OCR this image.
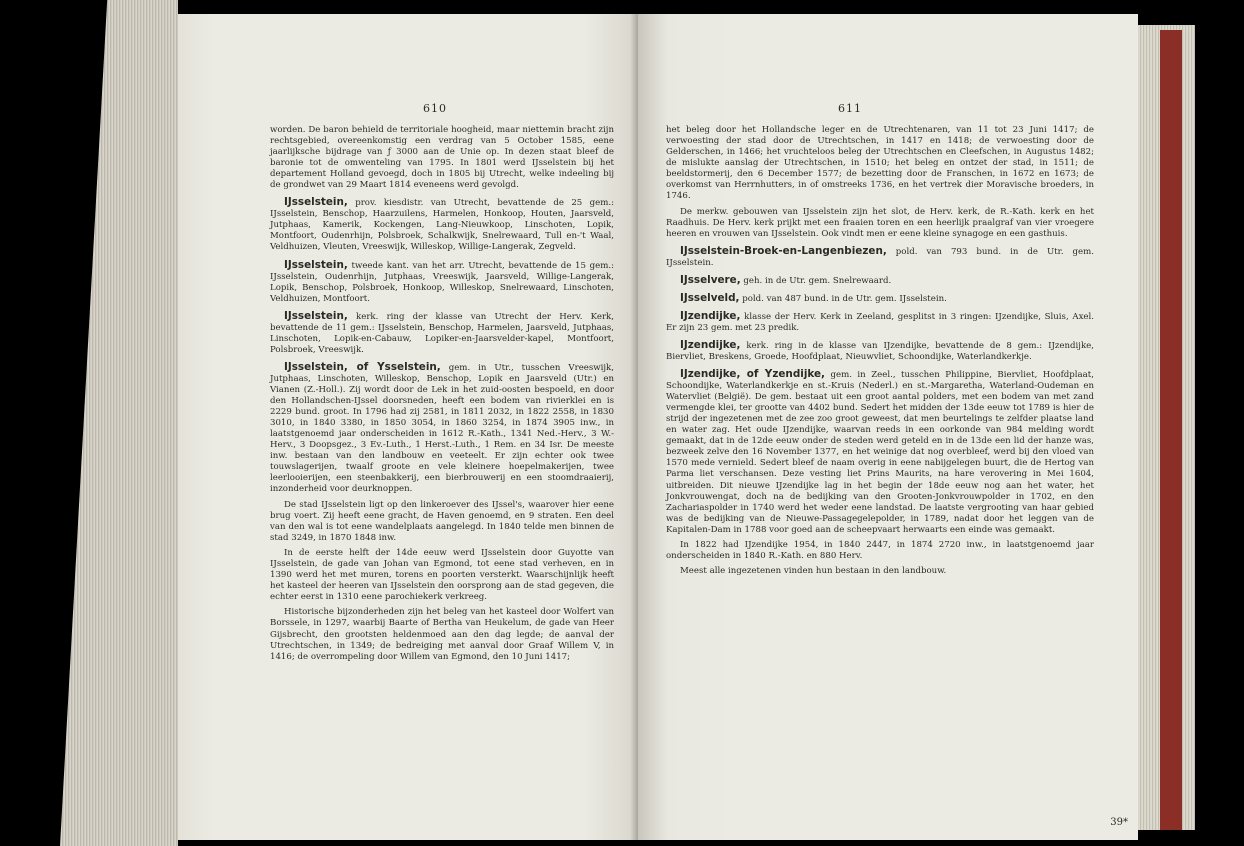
610

worden. De baron behield de territoriale hoogheid, maar niettemin bracht zijn rechtsgebied, overeenkomstig een verdrag van 5 October 1585, eene jaarlijksche bijdrage van ƒ 3000 aan de Unie op. In dezen staat bleef de baronie tot de omwenteling van 1795. In 1801 werd IJsselstein bij het departement Holland gevoegd, doch in 1805 bij Utrecht, welke indeeling bij de grondwet van 29 Maart 1814 eveneens werd gevolgd.

IJsselstein, prov. kiesdistr. van Utrecht, bevattende de 25 gem.: IJsselstein, Benschop, Haarzuilens, Harmelen, Honkoop, Houten, Jaarsveld, Jutphaas, Kamerik, Kockengen, Lang-Nieuwkoop, Linschoten, Lopik, Montfoort, Oudenrhijn, Polsbroek, Schalkwijk, Snelrewaard, Tull en-'t Waal, Veldhuizen, Vleuten, Vreeswijk, Willeskop, Willige-Langerak, Zegveld.

IJsselstein, tweede kant. van het arr. Utrecht, bevattende de 15 gem.: IJsselstein, Oudenrhijn, Jutphaas, Vreeswijk, Jaarsveld, Willige-Langerak, Lopik, Benschop, Polsbroek, Honkoop, Willeskop, Snelrewaard, Linschoten, Veldhuizen, Montfoort.

IJsselstein, kerk. ring der klasse van Utrecht der Herv. Kerk, bevattende de 11 gem.: IJsselstein, Benschop, Harmelen, Jaarsveld, Jutphaas, Linschoten, Lopik-en-Cabauw, Lopiker-en-Jaarsvelder-kapel, Montfoort, Polsbroek, Vreeswijk.

IJsselstein, of Ysselstein, gem. in Utr., tusschen Vreeswijk, Jutphaas, Linschoten, Willeskop, Benschop, Lopik en Jaarsveld (Utr.) en Vianen (Z.-Holl.). Zij wordt door de Lek in het zuid-oosten bespoeld, en door den Hollandschen-IJssel doorsneden, heeft een bodem van rivierklei en is 2229 bund. groot. In 1796 had zij 2581, in 1811 2032, in 1822 2558, in 1830 3010, in 1840 3380, in 1850 3054, in 1860 3254, in 1874 3905 inw., in laatstgenoemd jaar onderscheiden in 1612 R.-Kath., 1341 Ned.-Herv., 3 W.-Herv., 3 Doopsgez., 3 Ev.-Luth., 1 Herst.-Luth., 1 Rem. en 34 Isr. De meeste inw. bestaan van den landbouw en veeteelt. Er zijn echter ook twee touwslagerijen, twaalf groote en vele kleinere hoepelmakerijen, twee leerlooierijen, een steenbakkerij, een bierbrouwerij en een stoomdraaierij, inzonderheid voor deurknoppen.

De stad IJsselstein ligt op den linkeroever des IJssel's, waarover hier eene brug voert. Zij heeft eene gracht, de Haven genoemd, en 9 straten. Een deel van den wal is tot eene wandelplaats aangelegd. In 1840 telde men binnen de stad 3249, in 1870 1848 inw.

In de eerste helft der 14de eeuw werd IJsselstein door Guyotte van IJsselstein, de gade van Johan van Egmond, tot eene stad verheven, en in 1390 werd het met muren, torens en poorten versterkt. Waarschijnlijk heeft het kasteel der heeren van IJsselstein den oorsprong aan de stad gegeven, die echter eerst in 1310 eene parochiekerk verkreeg.

Historische bijzonderheden zijn het beleg van het kasteel door Wolfert van Borssele, in 1297, waarbij Baarte of Bertha van Heukelum, de gade van Heer Gijsbrecht, den grootsten heldenmoed aan den dag legde; de aanval der Utrechtschen, in 1349; de bedreiging met aanval door Graaf Willem V, in 1416; de overrompeling door Willem van Egmond, den 10 Juni 1417;

611

het beleg door het Hollandsche leger en de Utrechtenaren, van 11 tot 23 Juni 1417; de verwoesting der stad door de Utrechtschen, in 1417 en 1418; de verwoesting door de Gelderschen, in 1466; het vruchteloos beleg der Utrechtschen en Cleefschen, in Augustus 1482; de mislukte aanslag der Utrechtschen, in 1510; het beleg en ontzet der stad, in 1511; de beeldstormerij, den 6 December 1577; de bezetting door de Franschen, in 1672 en 1673; de overkomst van Herrnhutters, in of omstreeks 1736, en het vertrek dier Moravische broeders, in 1746.

De merkw. gebouwen van IJsselstein zijn het slot, de Herv. kerk, de R.-Kath. kerk en het Raadhuis. De Herv. kerk prijkt met een fraaien toren en een heerlijk praalgraf van vier vroegere heeren en vrouwen van IJsselstein. Ook vindt men er eene kleine synagoge en een gasthuis.

IJsselstein-Broek-en-Langenbiezen, pold. van 793 bund. in de Utr. gem. IJsselstein.

IJsselvere, geh. in de Utr. gem. Snelrewaard.

IJsselveld, pold. van 487 bund. in de Utr. gem. IJsselstein.

IJzendijke, klasse der Herv. Kerk in Zeeland, gesplitst in 3 ringen: IJzendijke, Sluis, Axel. Er zijn 23 gem. met 23 predik.

IJzendijke, kerk. ring in de klasse van IJzendijke, bevattende de 8 gem.: IJzendijke, Biervliet, Breskens, Groede, Hoofdplaat, Nieuwvliet, Schoondijke, Waterlandkerkje.

IJzendijke, of Yzendijke, gem. in Zeel., tusschen Philippine, Biervliet, Hoofdplaat, Schoondijke, Waterlandkerkje en st.-Kruis (Nederl.) en st.-Margaretha, Waterland-Oudeman en Watervliet (België). De gem. bestaat uit een groot aantal polders, met een bodem van met zand vermengde klei, ter grootte van 4402 bund. Sedert het midden der 13de eeuw tot 1789 is hier de strijd der ingezetenen met de zee zoo groot geweest, dat men beurtelings te zelfder plaatse land en water zag. Het oude IJzendijke, waarvan reeds in een oorkonde van 984 melding wordt gemaakt, dat in de 12de eeuw onder de steden werd geteld en in de 13de een lid der hanze was, bezweek zelve den 16 November 1377, en het weinige dat nog overbleef, werd bij den vloed van 1570 mede vernield. Sedert bleef de naam overig in eene nabijgelegen buurt, die de Hertog van Parma liet verschansen. Deze vesting liet Prins Maurits, na hare verovering in Mei 1604, uitbreiden. Dit nieuwe IJzendijke lag in het begin der 18de eeuw nog aan het water, het Jonkvrouwengat, doch na de bedijking van den Grooten-Jonkvrouwpolder in 1702, en den Zachariaspolder in 1740 werd het weder eene landstad. De laatste vergrooting van haar gebied was de bedijking van de Nieuwe-Passagegelepolder, in 1789, nadat door het leggen van de Kapitalen-Dam in 1788 voor goed aan de scheepvaart herwaarts een einde was gemaakt.

In 1822 had IJzendijke 1954, in 1840 2447, in 1874 2720 inw., in laatstgenoemd jaar onderscheiden in 1840 R.-Kath. en 880 Herv.

Meest alle ingezetenen vinden hun bestaan in den landbouw.

39*
